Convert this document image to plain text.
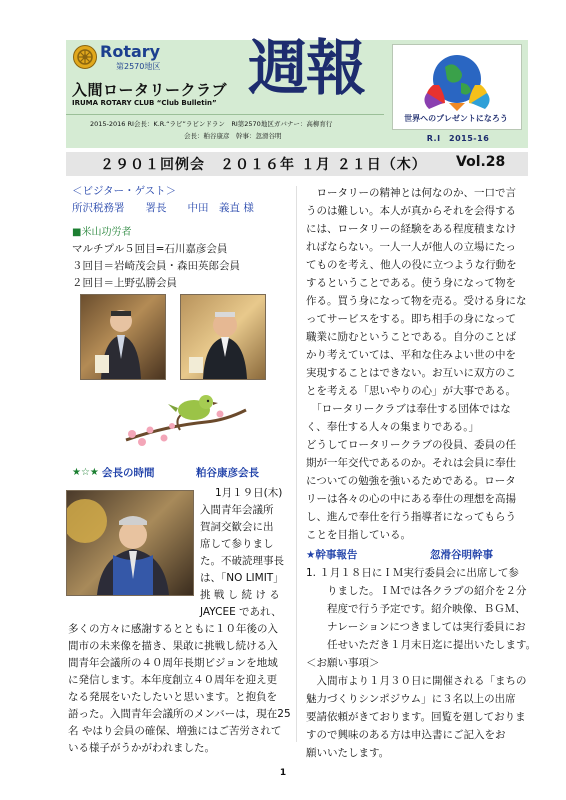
Rotary
第2570地区
入間ロータリークラブ
IRUMA ROTARY CLUB “Club Bulletin” 週報
2015-2016 RI会長：K.R.“ラビ”ラビンドラン　RI第2570地区ガバナー：高柳育行
会長：粕谷康彦　幹事：忽滑谷明
世界へのプレゼントになろう
R.I　2015-16
２９０１回例会　２０１６年 １月 ２１日（木） Vol.28
＜ビジター・ゲスト＞
所沢税務署　　署長　　中田　義直 様
■米山功労者
マルチプル５回目=石川嘉彦会員
３回目＝岩崎茂会員・森田英郎会員
２回目＝上野弘勝会員
★☆★ 会長の時間	粕谷康彦会長
1月１９日(木)
入間青年会議所
賀詞交歓会に出
席して参りまし
た。不破読理事長
は、「NO LIMIT」
挑 戦 し 続 け る
JAYCEE であれ、
多くの方々に感謝するとともに１０年後の入
間市の未来像を描き、果敢に挑戦し続ける入
間青年会議所の４０周年長期ビジョンを地域
に発信します。本年度創立４０周年を迎え更
なる発展をいたしたいと思います。と抱負を
語った。入間青年会議所のメンバーは，現在25
名 やはり会員の確保、増強にはご苦労されて
いる様子がうかがわれました。
　ロータリーの精神とは何なのか、一口で言
うのは難しい。本人が真からそれを会得する
には、ロータリーの経験をある程度積まなけ
ればならない。一人一人が他人の立場にたっ
てものを考え、他人の役に立つような行動を
するということである。使う身になって物を
作る。買う身になって物を売る。受ける身にな
ってサービスをする。即ち相手の身になって
職業に励むということである。自分のことば
かり考えていては、平和な住みよい世の中を
実現することはできない。お互いに双方のこ
とを考える「思いやりの心」が大事である。
　「ロータリークラブは奉仕する団体ではな
く、奉仕する人々の集まりである。」
どうしてロータリークラブの役員、委員の任
期が一年交代であるのか。それは会員に奉仕
についての勉強を強いるためである。ロータ
リーは各々の心の中にある奉仕の理想を高揚
し、進んで奉仕を行う指導者になってもらう
ことを目指している。
★幹事報告	忽滑谷明幹事
1. １月１８日にＩＭ実行委員会に出席して参
　　りました。ＩＭでは各クラブの紹介を２分
　　程度で行う予定です。紹介映像、ＢＧＭ、
　　ナレーションにつきましては実行委員にお
　　任せいただき１月末日迄に提出いたします。
＜お願い事項＞
　入間市より１月３０日に開催される「まちの
魅力づくりシンポジウム」に３名以上の出席
要請依頼がきております。回覧を廻しておりま
すので興味のある方は申込書にご記入をお
願いいたします。
1
